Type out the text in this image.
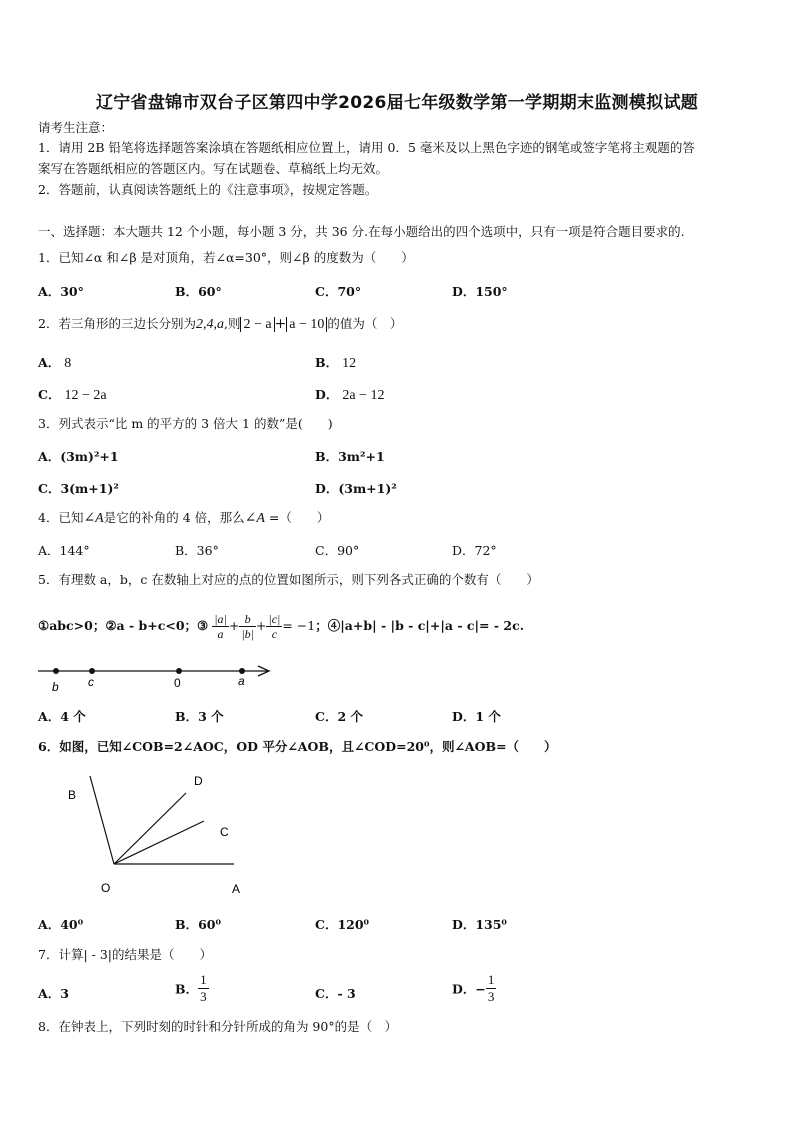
辽宁省盘锦市双台子区第四中学2026届七年级数学第一学期期末监测模拟试题
请考生注意：
1．请用 2B 铅笔将选择题答案涂填在答题纸相应位置上，请用 0．5 毫米及以上黑色字迹的钢笔或签字笔将主观题的答
案写在答题纸相应的答题区内。写在试题卷、草稿纸上均无效。
2．答题前，认真阅读答题纸上的《注意事项》，按规定答题。
一、选择题：本大题共 12 个小题，每小题 3 分，共 36 分.在每小题给出的四个选项中，只有一项是符合题目要求的.
1．已知∠α 和∠β 是对顶角，若∠α=30°，则∠β 的度数为（　　）
A．30°	B．60°	C．70°	D．150°
2．若三角形的三边长分别为2,4,a,则 2 − a + a − 10 的值为（　）
A． 8	B． 12
C． 12 − 2a	D． 2a − 12
3．列式表示“比 m 的平方的 3 倍大 1 的数”是(　　)
A．(3m)²+1	B．3m²+1
C．3(m+1)²	D．(3m+1)²
4．已知∠A是它的补角的 4 倍，那么∠A =（　　）
A．144°	B．36°	C．90°	D．72°
5．有理数 a，b，c 在数轴上对应的点的位置如图所示，则下列各式正确的个数有（　　）
①abc>0；②a - b+c<0；③ $\frac{|a|}{a} + \frac{b}{|b|} + \frac{|c|}{c} = -1$；④|a+b| - |b - c|+|a - c|= - 2c.
b c	0	a
A．4 个	B．3 个	C．2 个	D．1 个
6．如图，已知∠COB=2∠AOC，OD 平分∠AOB，且∠COD=20⁰，则∠AOB=（　　）
B
D
C
O	A
A．40⁰	B．60⁰	C．120⁰	D．135⁰
7．计算| - 3|的结果是（　　）
A．3	B． $\frac{1}{3}$	C．- 3	D．− $\frac{1}{3}$
8．在钟表上，下列时刻的时针和分针所成的角为 90°的是（　）
